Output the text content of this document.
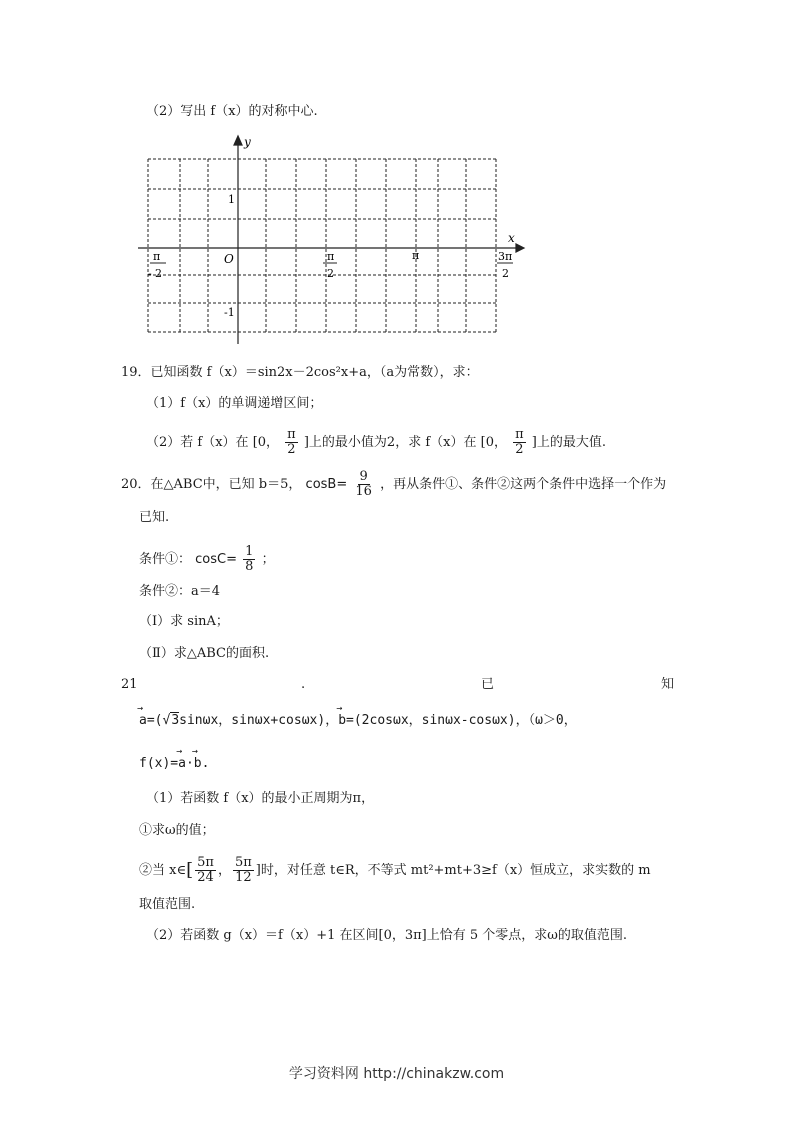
（2）写出 f（x）的对称中心.
y
x
O
1
-1
π
- 2
π
2
π	3π
2
19．已知函数 f（x）＝sin2x－2cos²x+a，（a为常数），求：
（1）f（x）的单调递增区间；
（2）若 f（x）在 [0， $\frac{\pi}{2}$ ]上的最小值为2，求 f（x）在 [0， $\frac{\pi}{2}$ ]上的最大值.
20．在△ABC中，已知 b＝5， $\cos B= \frac{9}{16}$ ，再从条件①、条件②这两个条件中选择一个作为
已知.
条件①： $\cos C= \frac{1}{8}$ ；
条件②：a＝4
（Ⅰ）求 sinA；
（Ⅱ）求△ABC的面积.
21	.	已	知
→ a=(√3sinωx，sinωx+cosωx)，→ b=(2cosωx，sinωx-cosωx)，（ω＞0，
f(x)=→ a·→ b.
（1）若函数 f（x）的最小正周期为π，
①求ω的值；
②当 x∈[ $\frac{5\pi}{24}$ ， $\frac{5\pi}{12}$ ]时，对任意 t∈R，不等式 mt²+mt+3≥f（x）恒成立，求实数的 m
取值范围.
（2）若函数 g（x）＝f（x）+1 在区间[0，3π]上恰有 5 个零点，求ω的取值范围.
学习资料网 http://chinakzw.com
